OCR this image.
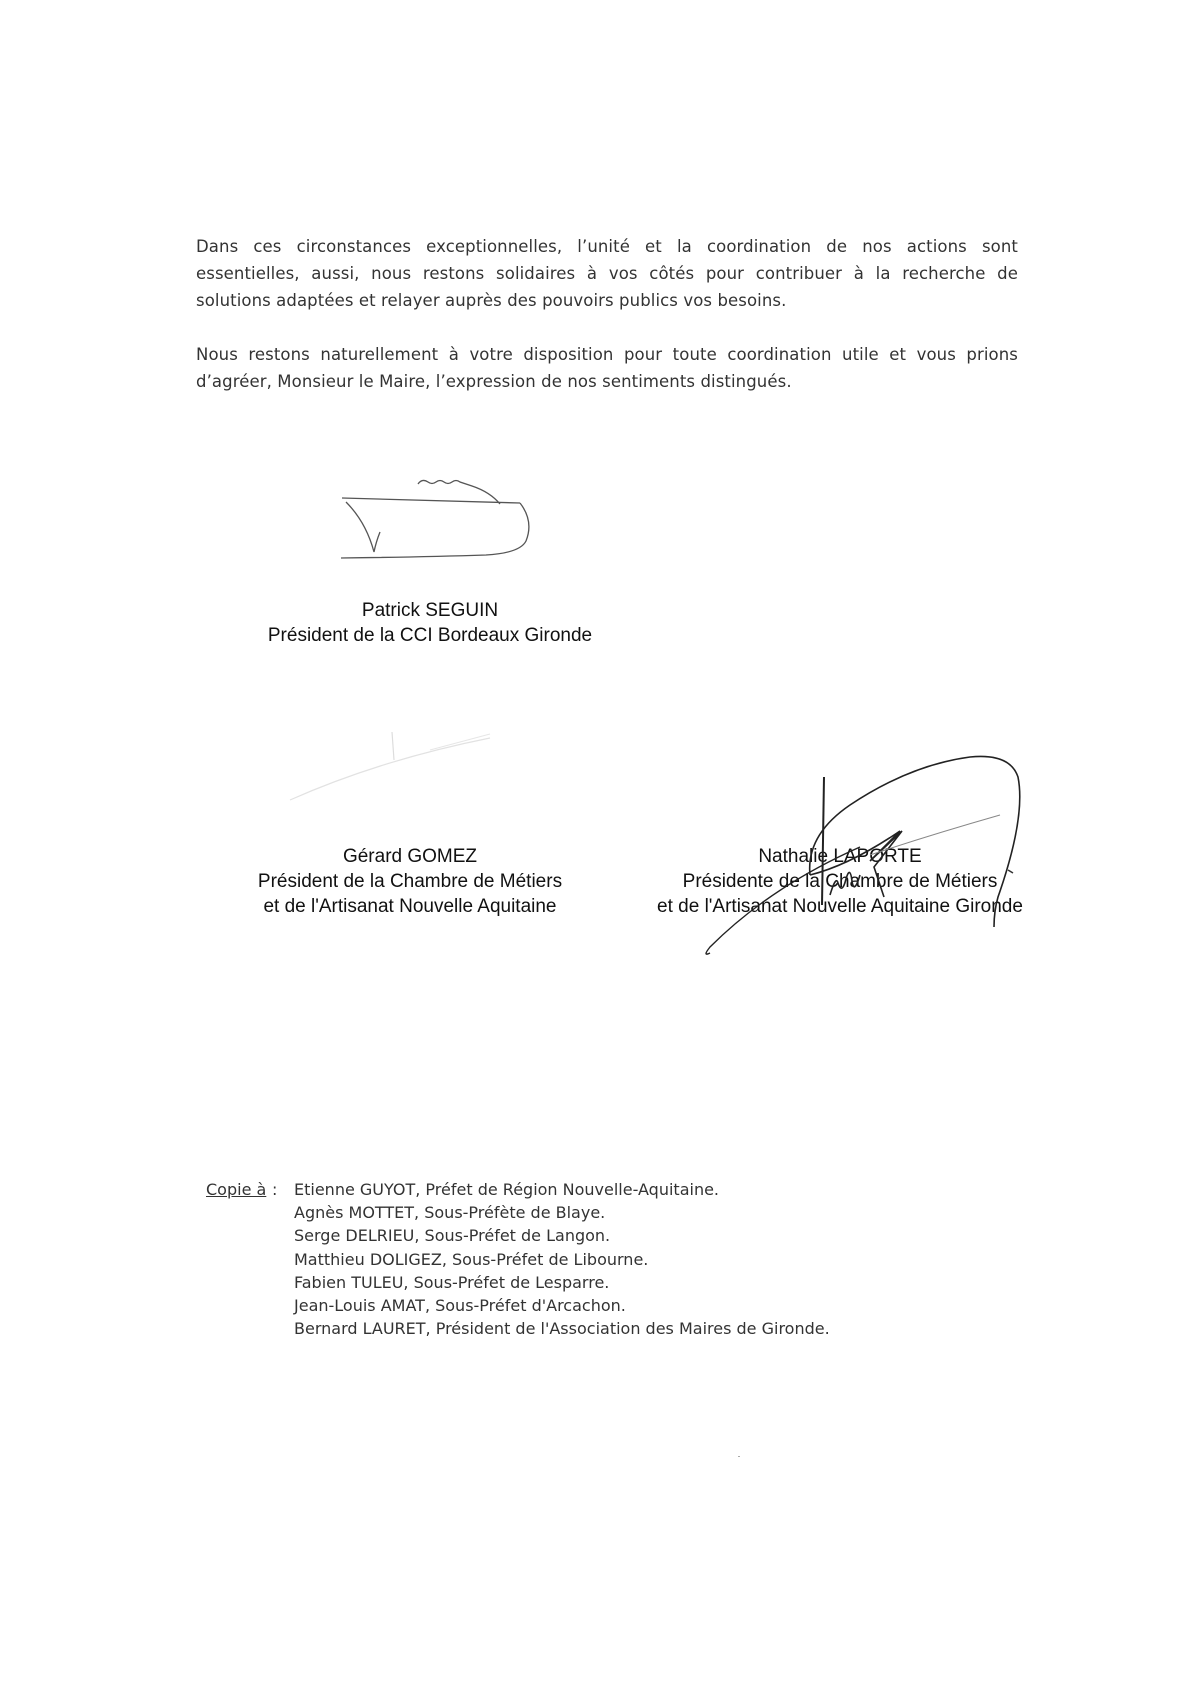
Dans ces circonstances exceptionnelles, l’unité et la coordination de nos actions sont
essentielles, aussi, nous restons solidaires à vos côtés pour contribuer à la recherche de
solutions adaptées et relayer auprès des pouvoirs publics vos besoins.
Nous restons naturellement à votre disposition pour toute coordination utile et vous prions
d’agréer, Monsieur le Maire, l’expression de nos sentiments distingués.
Patrick SEGUIN
Président de la CCI Bordeaux Gironde
Gérard GOMEZ
Président de la Chambre de Métiers
et de l'Artisanat Nouvelle Aquitaine
Nathalie LAPORTE
Présidente de la Chambre de Métiers
et de l'Artisanat Nouvelle Aquitaine Gironde
Copie à : Etienne GUYOT, Préfet de Région Nouvelle-Aquitaine.
Agnès MOTTET, Sous-Préfète de Blaye.
Serge DELRIEU, Sous-Préfet de Langon.
Matthieu DOLIGEZ, Sous-Préfet de Libourne.
Fabien TULEU, Sous-Préfet de Lesparre.
Jean-Louis AMAT, Sous-Préfet d'Arcachon.
Bernard LAURET, Président de l'Association des Maires de Gironde.
